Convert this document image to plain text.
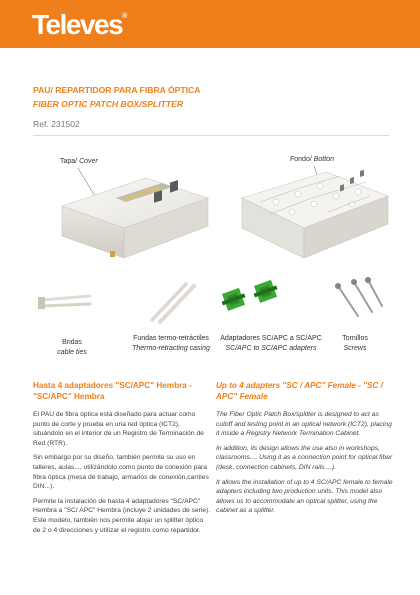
Televes®
PAU/ REPARTIDOR PARA FIBRA ÓPTICA
FIBER OPTIC PATCH BOX/SPLITTER
Ref. 231502
Tapa/ Cover	Fondo/ Botton
Bridas
cable ties
Fundas termo-retráctiles
Thermo-retracting casing
Adaptadores SC/APC a SC/APC
SC/APC to SC/APC adapters
Tornillos
Screws
Hasta 4 adaptadores "SC/APC" Hembra - "SC/APC" Hembra
Up to 4 adapters "SC / APC" Female - "SC / APC" Female

El PAU de fibra óptica está diseñado para actuar como punto de corte y prueba en una red óptica (ICT2), situándolo en el interior de un Registro de Terminación de Red (RTR).

Sin embargo por su diseño, también permite su uso en talleres, aulas..., utilizándolo como punto de conexión para fibra óptica (mesa de trabajo, armarios de conexión,carriles DIN...).

Permite la instalación de hasta 4 adaptadores "SC/APC" Hembra a "SC/ APC" Hembra (incluye 2 unidades de serie). Este modelo, también nos permite alojar un splitter óptico de 2 o 4 direcciones y utilizar el registro como repartidor.

The Fiber Optic Patch Box/splitter is designed to act as cutoff and testing point in an optical network (ICT2), placing it inside a Registry Network Termination Cabinet.

In addition, its design allows the use also in workshops, classrooms..., Using it as a connection point for optical fiber (desk, connection cabinets, DIN rails ...).

It allows the installation of up to 4 SC/APC female to female adapters including two production units. This model also allows us to accommodate an optical splitter, using the cabinet as a splitter.
